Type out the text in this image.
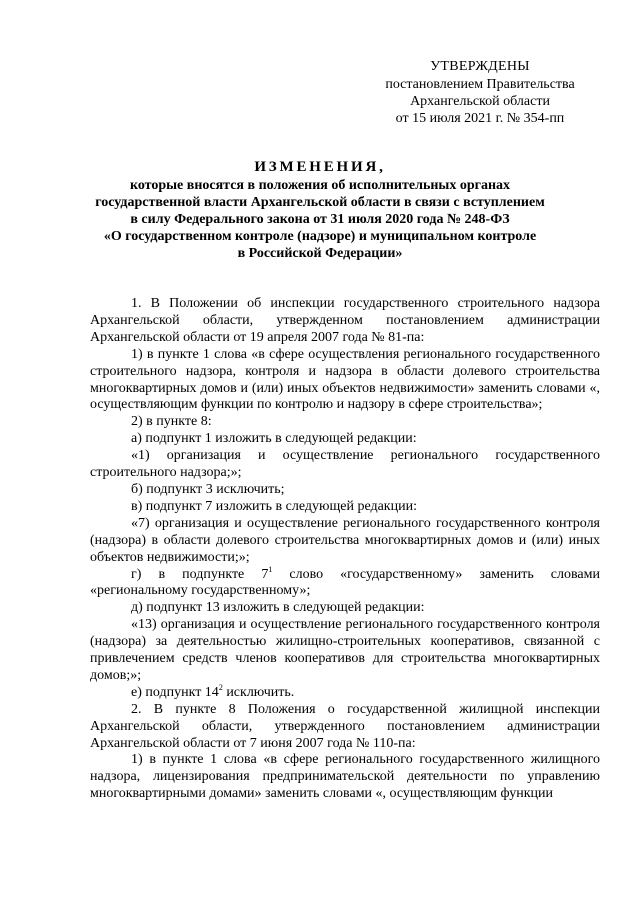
УТВЕРЖДЕНЫ
постановлением Правительства
Архангельской области
от 15 июля 2021 г. № 354-пп
ИЗМЕНЕНИЯ,
которые вносятся в положения об исполнительных органах
государственной власти Архангельской области в связи с вступлением
в силу Федерального закона от 31 июля 2020 года № 248-ФЗ
«О государственном контроле (надзоре) и муниципальном контроле
в Российской Федерации»

1. В Положении об инспекции государственного строительного надзора Архангельской области, утвержденном постановлением администрации Архангельской области от 19 апреля 2007 года № 81-па:

1) в пункте 1 слова «в сфере осуществления регионального государственного строительного надзора, контроля и надзора в области долевого строительства многоквартирных домов и (или) иных объектов недвижимости» заменить словами «, осуществляющим функции по контролю и надзору в сфере строительства»;

2) в пункте 8:

а) подпункт 1 изложить в следующей редакции:

«1) организация и осуществление регионального государственного строительного надзора;»;

б) подпункт 3 исключить;

в) подпункт 7 изложить в следующей редакции:

«7) организация и осуществление регионального государственного контроля (надзора) в области долевого строительства многоквартирных домов и (или) иных объектов недвижимости;»;

г) в подпункте $7^1$ слово «государственному» заменить словами «региональному государственному»;

д) подпункт 13 изложить в следующей редакции:

«13) организация и осуществление регионального государственного контроля (надзора) за деятельностью жилищно-строительных кооперативов, связанной с привлечением средств членов кооперативов для строительства многоквартирных домов;»;

е) подпункт $14^2$ исключить.

2. В пункте 8 Положения о государственной жилищной инспекции Архангельской области, утвержденного постановлением администрации Архангельской области от 7 июня 2007 года № 110-па:

1) в пункте 1 слова «в сфере регионального государственного жилищного надзора, лицензирования предпринимательской деятельности по управлению многоквартирными домами» заменить словами «, осуществляющим функции
